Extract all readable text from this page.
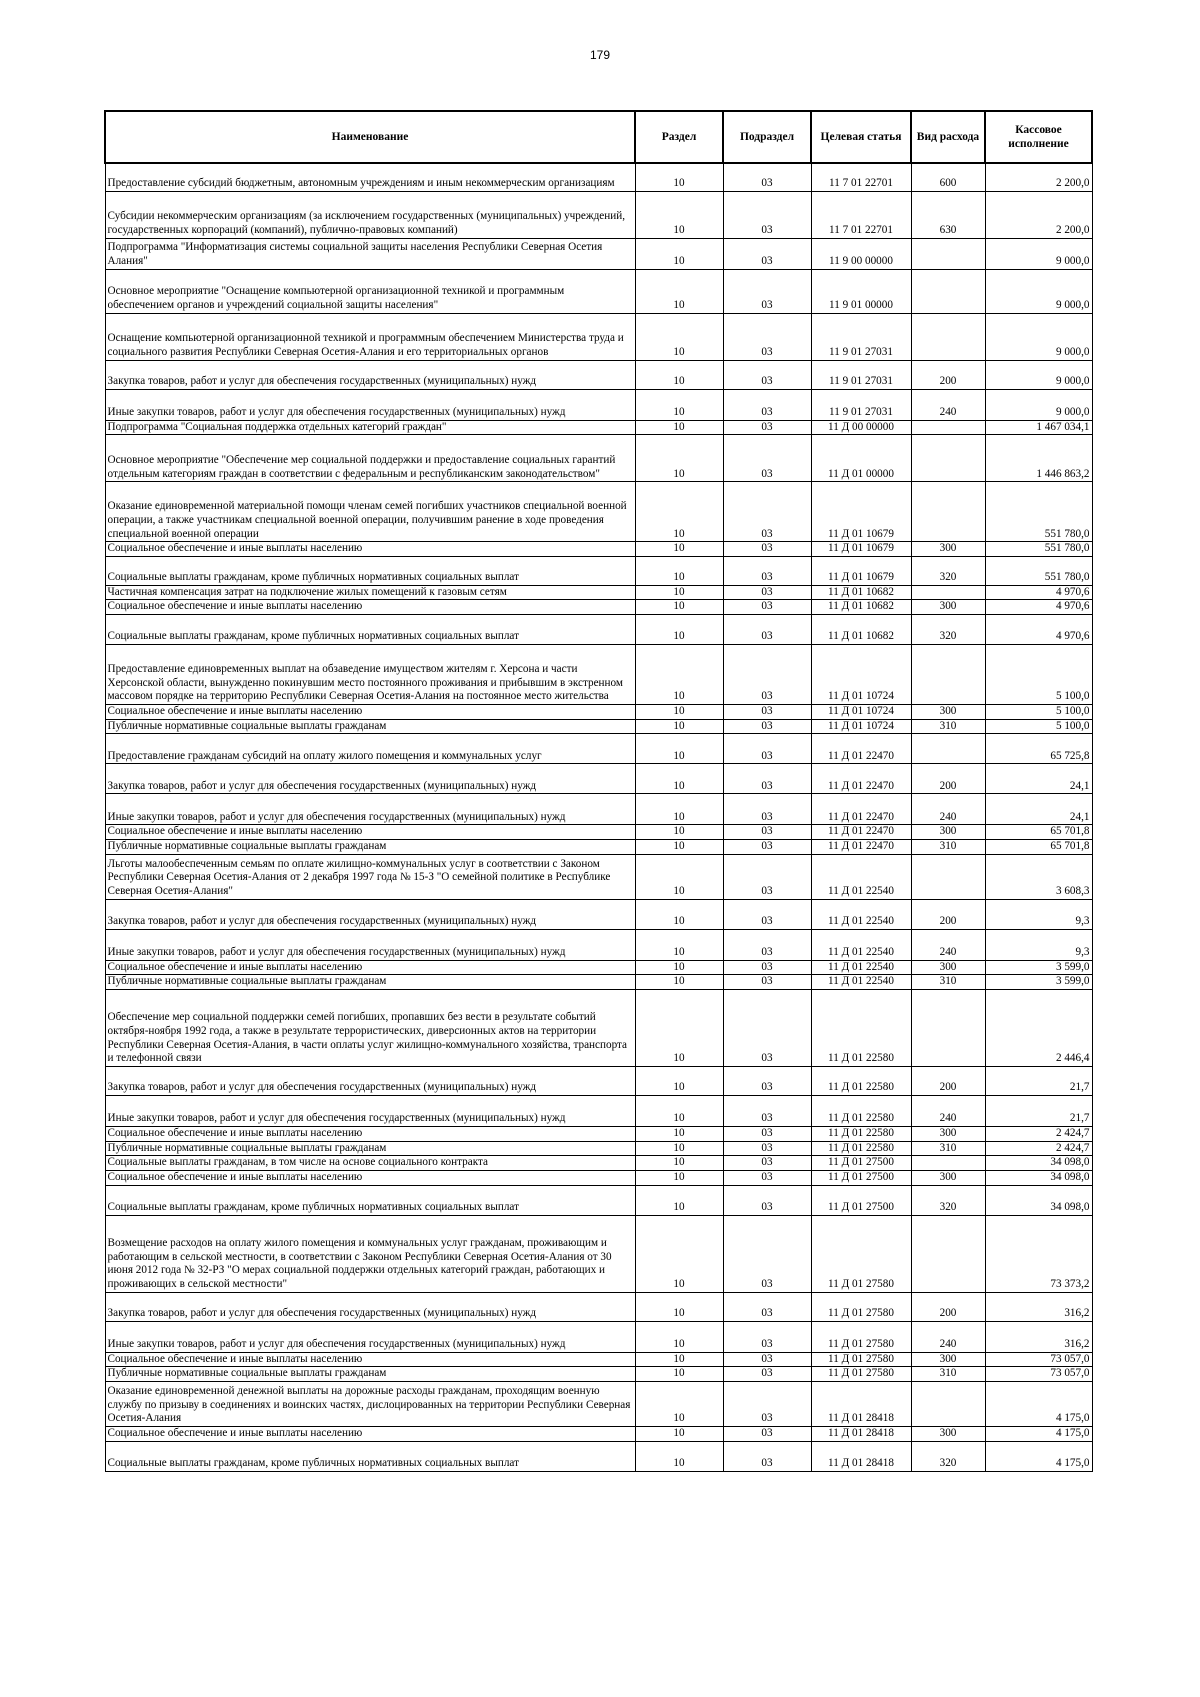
179
Наименование	Раздел	Подраздел	Целевая статья	Вид расхода	Кассовое исполнение
Предоставление субсидий бюджетным, автономным учреждениям и иным некоммерческим организациям	10	03	11 7 01 22701	600	2 200,0
Субсидии некоммерческим организациям (за исключением государственных (муниципальных) учреждений, государственных корпораций (компаний), публично-правовых компаний)	10	03	11 7 01 22701	630	2 200,0
Подпрограмма "Информатизация системы социальной защиты населения Республики Северная Осетия Алания"	10	03	11 9 00 00000		9 000,0
Основное мероприятие "Оснащение компьютерной организационной техникой и программным обеспечением органов и учреждений социальной защиты населения"	10	03	11 9 01 00000		9 000,0
Оснащение компьютерной организационной техникой и программным обеспечением Министерства труда и социального развития Республики Северная Осетия-Алания и его территориальных органов	10	03	11 9 01 27031		9 000,0
Закупка товаров, работ и услуг для обеспечения государственных (муниципальных) нужд	10	03	11 9 01 27031	200	9 000,0
Иные закупки товаров, работ и услуг для обеспечения государственных (муниципальных) нужд	10	03	11 9 01 27031	240	9 000,0
Подпрограмма "Социальная поддержка отдельных категорий граждан"	10	03	11 Д 00 00000		1 467 034,1
Основное мероприятие "Обеспечение мер социальной поддержки и предоставление социальных гарантий отдельным категориям граждан в соответствии с федеральным и республиканским законодательством"	10	03	11 Д 01 00000		1 446 863,2
Оказание единовременной материальной помощи членам семей погибших участников специальной военной операции, а также участникам специальной военной операции, получившим ранение в ходе проведения специальной военной операции	10	03	11 Д 01 10679		551 780,0
Социальное обеспечение и иные выплаты населению	10	03	11 Д 01 10679	300	551 780,0
Социальные выплаты гражданам, кроме публичных нормативных социальных выплат	10	03	11 Д 01 10679	320	551 780,0
Частичная компенсация затрат на подключение жилых помещений к газовым сетям	10	03	11 Д 01 10682		4 970,6
Социальное обеспечение и иные выплаты населению	10	03	11 Д 01 10682	300	4 970,6
Социальные выплаты гражданам, кроме публичных нормативных социальных выплат	10	03	11 Д 01 10682	320	4 970,6
Предоставление единовременных выплат на обзаведение имуществом жителям г. Херсона и части Херсонской области, вынужденно покинувшим место постоянного проживания и прибывшим в экстренном массовом порядке на территорию Республики Северная Осетия-Алания на постоянное место жительства	10	03	11 Д 01 10724		5 100,0
Социальное обеспечение и иные выплаты населению	10	03	11 Д 01 10724	300	5 100,0
Публичные нормативные социальные выплаты гражданам	10	03	11 Д 01 10724	310	5 100,0
Предоставление гражданам субсидий на оплату жилого помещения и коммунальных услуг	10	03	11 Д 01 22470		65 725,8
Закупка товаров, работ и услуг для обеспечения государственных (муниципальных) нужд	10	03	11 Д 01 22470	200	24,1
Иные закупки товаров, работ и услуг для обеспечения государственных (муниципальных) нужд	10	03	11 Д 01 22470	240	24,1
Социальное обеспечение и иные выплаты населению	10	03	11 Д 01 22470	300	65 701,8
Публичные нормативные социальные выплаты гражданам	10	03	11 Д 01 22470	310	65 701,8
Льготы малообеспеченным семьям по оплате жилищно-коммунальных услуг в соответствии с Законом Республики Северная Осетия-Алания от 2 декабря 1997 года № 15-З "О семейной политике в Республике Северная Осетия-Алания"	10	03	11 Д 01 22540		3 608,3
Закупка товаров, работ и услуг для обеспечения государственных (муниципальных) нужд	10	03	11 Д 01 22540	200	9,3
Иные закупки товаров, работ и услуг для обеспечения государственных (муниципальных) нужд	10	03	11 Д 01 22540	240	9,3
Социальное обеспечение и иные выплаты населению	10	03	11 Д 01 22540	300	3 599,0
Публичные нормативные социальные выплаты гражданам	10	03	11 Д 01 22540	310	3 599,0
Обеспечение мер социальной поддержки семей погибших, пропавших без вести в результате событий октября-ноября 1992 года, а также в результате террористических, диверсионных актов на территории Республики Северная Осетия-Алания, в части оплаты услуг жилищно-коммунального хозяйства, транспорта и телефонной связи	10	03	11 Д 01 22580		2 446,4
Закупка товаров, работ и услуг для обеспечения государственных (муниципальных) нужд	10	03	11 Д 01 22580	200	21,7
Иные закупки товаров, работ и услуг для обеспечения государственных (муниципальных) нужд	10	03	11 Д 01 22580	240	21,7
Социальное обеспечение и иные выплаты населению	10	03	11 Д 01 22580	300	2 424,7
Публичные нормативные социальные выплаты гражданам	10	03	11 Д 01 22580	310	2 424,7
Социальные выплаты гражданам, в том числе на основе социального контракта	10	03	11 Д 01 27500		34 098,0
Социальное обеспечение и иные выплаты населению	10	03	11 Д 01 27500	300	34 098,0
Социальные выплаты гражданам, кроме публичных нормативных социальных выплат	10	03	11 Д 01 27500	320	34 098,0
Возмещение расходов на оплату жилого помещения и коммунальных услуг гражданам, проживающим и работающим в сельской местности, в соответствии с Законом Республики Северная Осетия-Алания от 30 июня 2012 года № 32-РЗ "О мерах социальной поддержки отдельных категорий граждан, работающих и проживающих в сельской местности"	10	03	11 Д 01 27580		73 373,2
Закупка товаров, работ и услуг для обеспечения государственных (муниципальных) нужд	10	03	11 Д 01 27580	200	316,2
Иные закупки товаров, работ и услуг для обеспечения государственных (муниципальных) нужд	10	03	11 Д 01 27580	240	316,2
Социальное обеспечение и иные выплаты населению	10	03	11 Д 01 27580	300	73 057,0
Публичные нормативные социальные выплаты гражданам	10	03	11 Д 01 27580	310	73 057,0
Оказание единовременной денежной выплаты на дорожные расходы гражданам, проходящим военную службу по призыву в соединениях и воинских частях, дислоцированных на территории Республики Северная Осетия-Алания	10	03	11 Д 01 28418		4 175,0
Социальное обеспечение и иные выплаты населению	10	03	11 Д 01 28418	300	4 175,0
Социальные выплаты гражданам, кроме публичных нормативных социальных выплат	10	03	11 Д 01 28418	320	4 175,0
